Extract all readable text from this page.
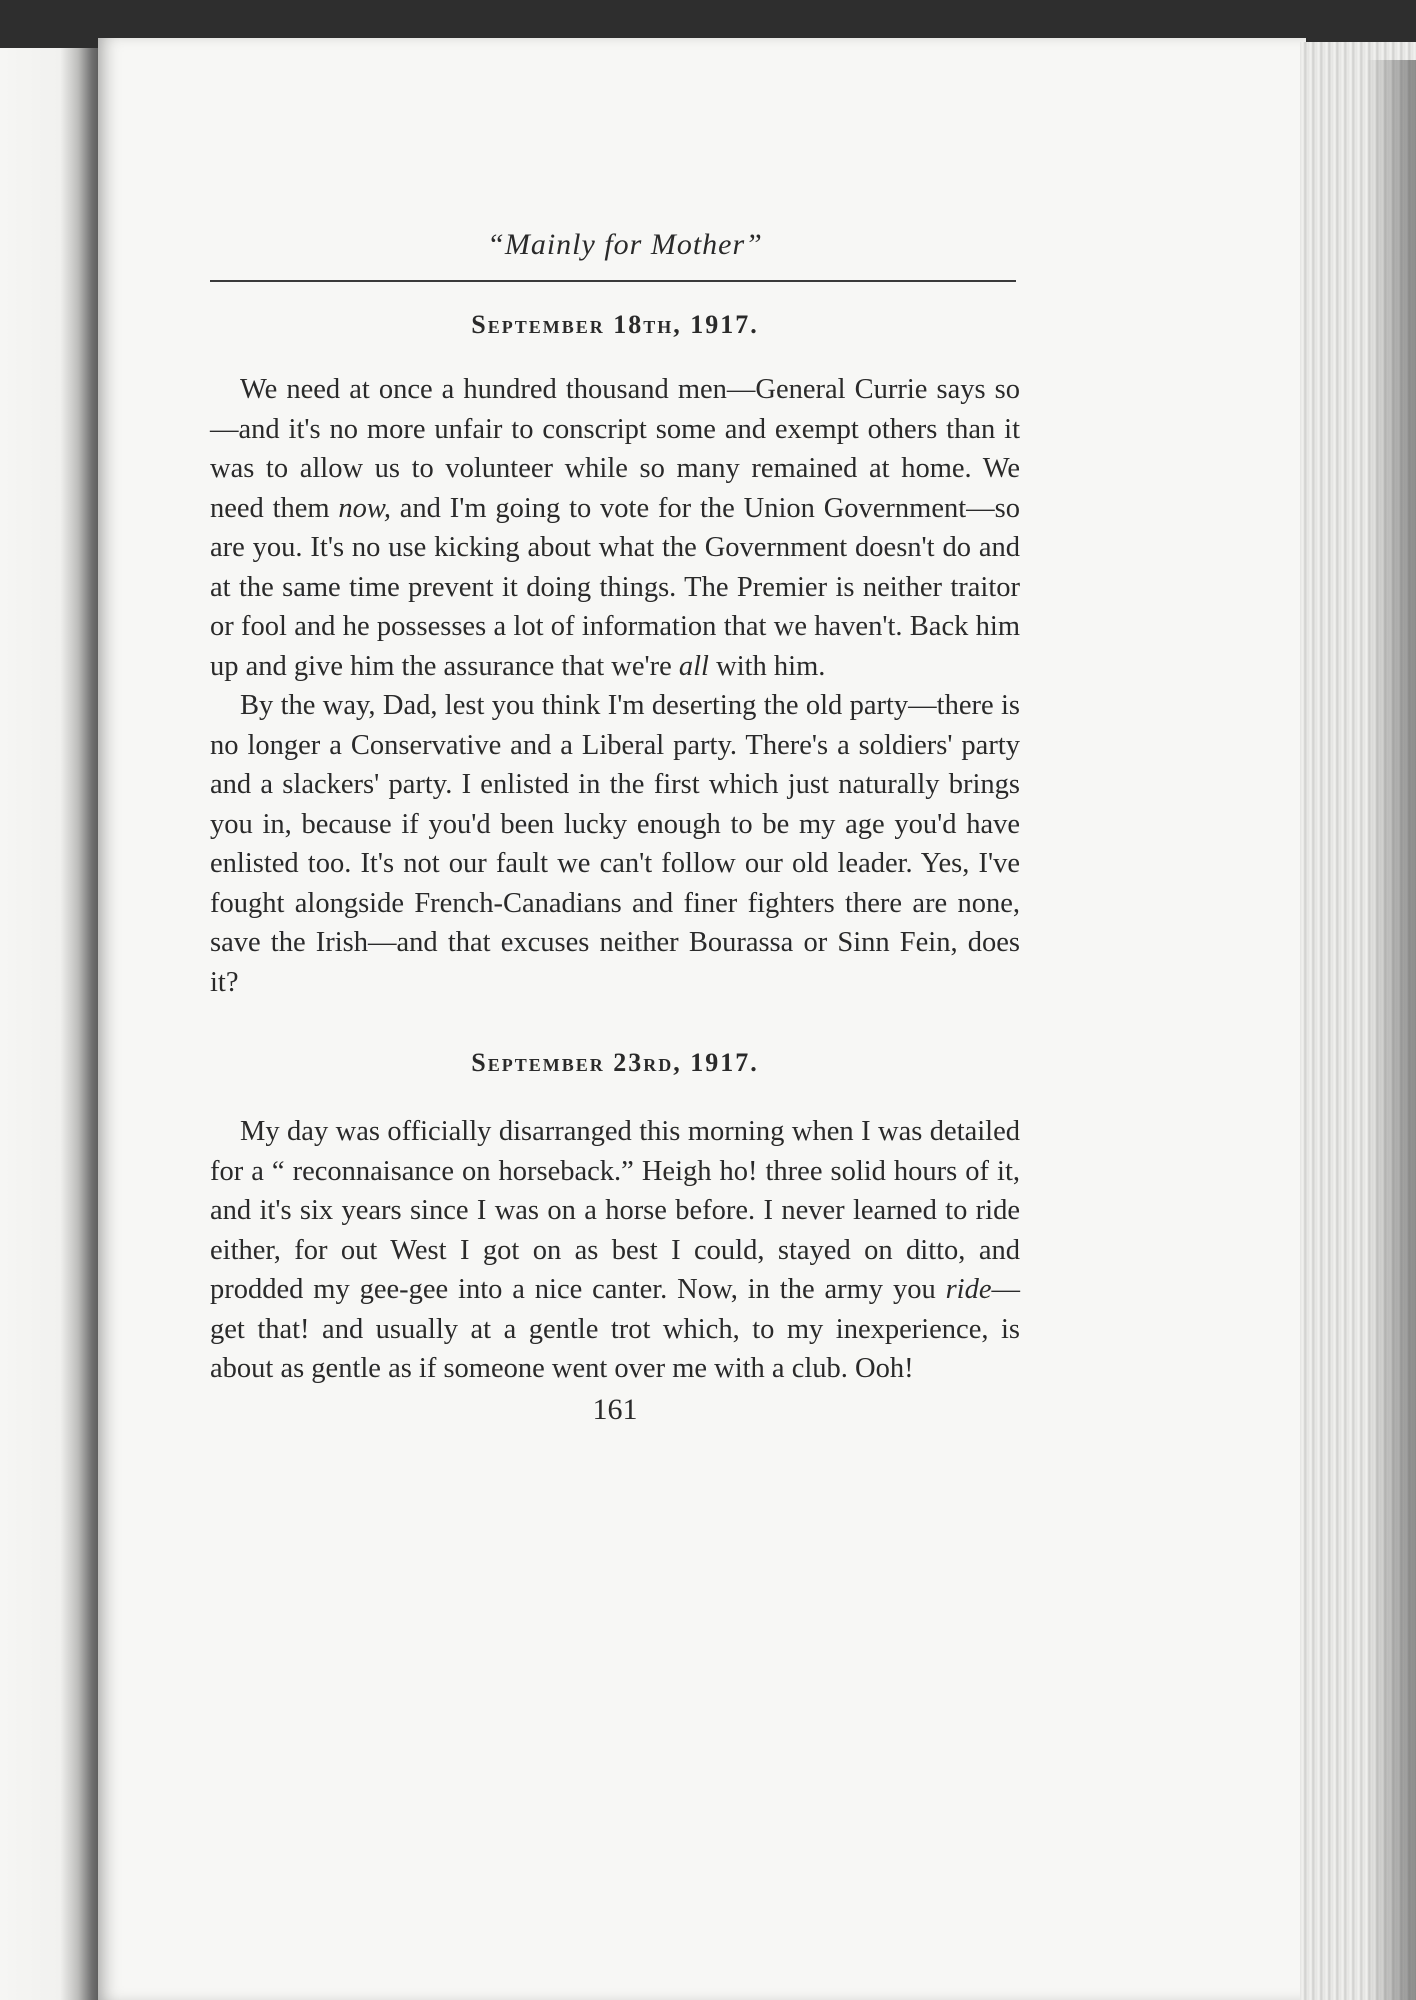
“Mainly for Mother”
September 18th, 1917.

We need at once a hundred thousand men—General Currie says so—and it's no more unfair to conscript some and exempt others than it was to allow us to volunteer while so many remained at home. We need them now, and I'm going to vote for the Union Government—so are you. It's no use kicking about what the Government doesn't do and at the same time prevent it doing things. The Premier is neither traitor or fool and he possesses a lot of information that we haven't. Back him up and give him the assurance that we're all with him.

By the way, Dad, lest you think I'm deserting the old party—there is no longer a Conservative and a Liberal party. There's a soldiers' party and a slackers' party. I enlisted in the first which just naturally brings you in, because if you'd been lucky enough to be my age you'd have enlisted too. It's not our fault we can't follow our old leader. Yes, I've fought alongside French-Canadians and finer fighters there are none, save the Irish—and that excuses neither Bourassa or Sinn Fein, does it?

September 23rd, 1917.

My day was officially disarranged this morning when I was detailed for a “ reconnaisance on horseback.” Heigh ho! three solid hours of it, and it's six years since I was on a horse before. I never learned to ride either, for out West I got on as best I could, stayed on ditto, and prodded my gee-gee into a nice canter. Now, in the army you ride—get that! and usually at a gentle trot which, to my inexperience, is about as gentle as if someone went over me with a club. Ooh!

161
